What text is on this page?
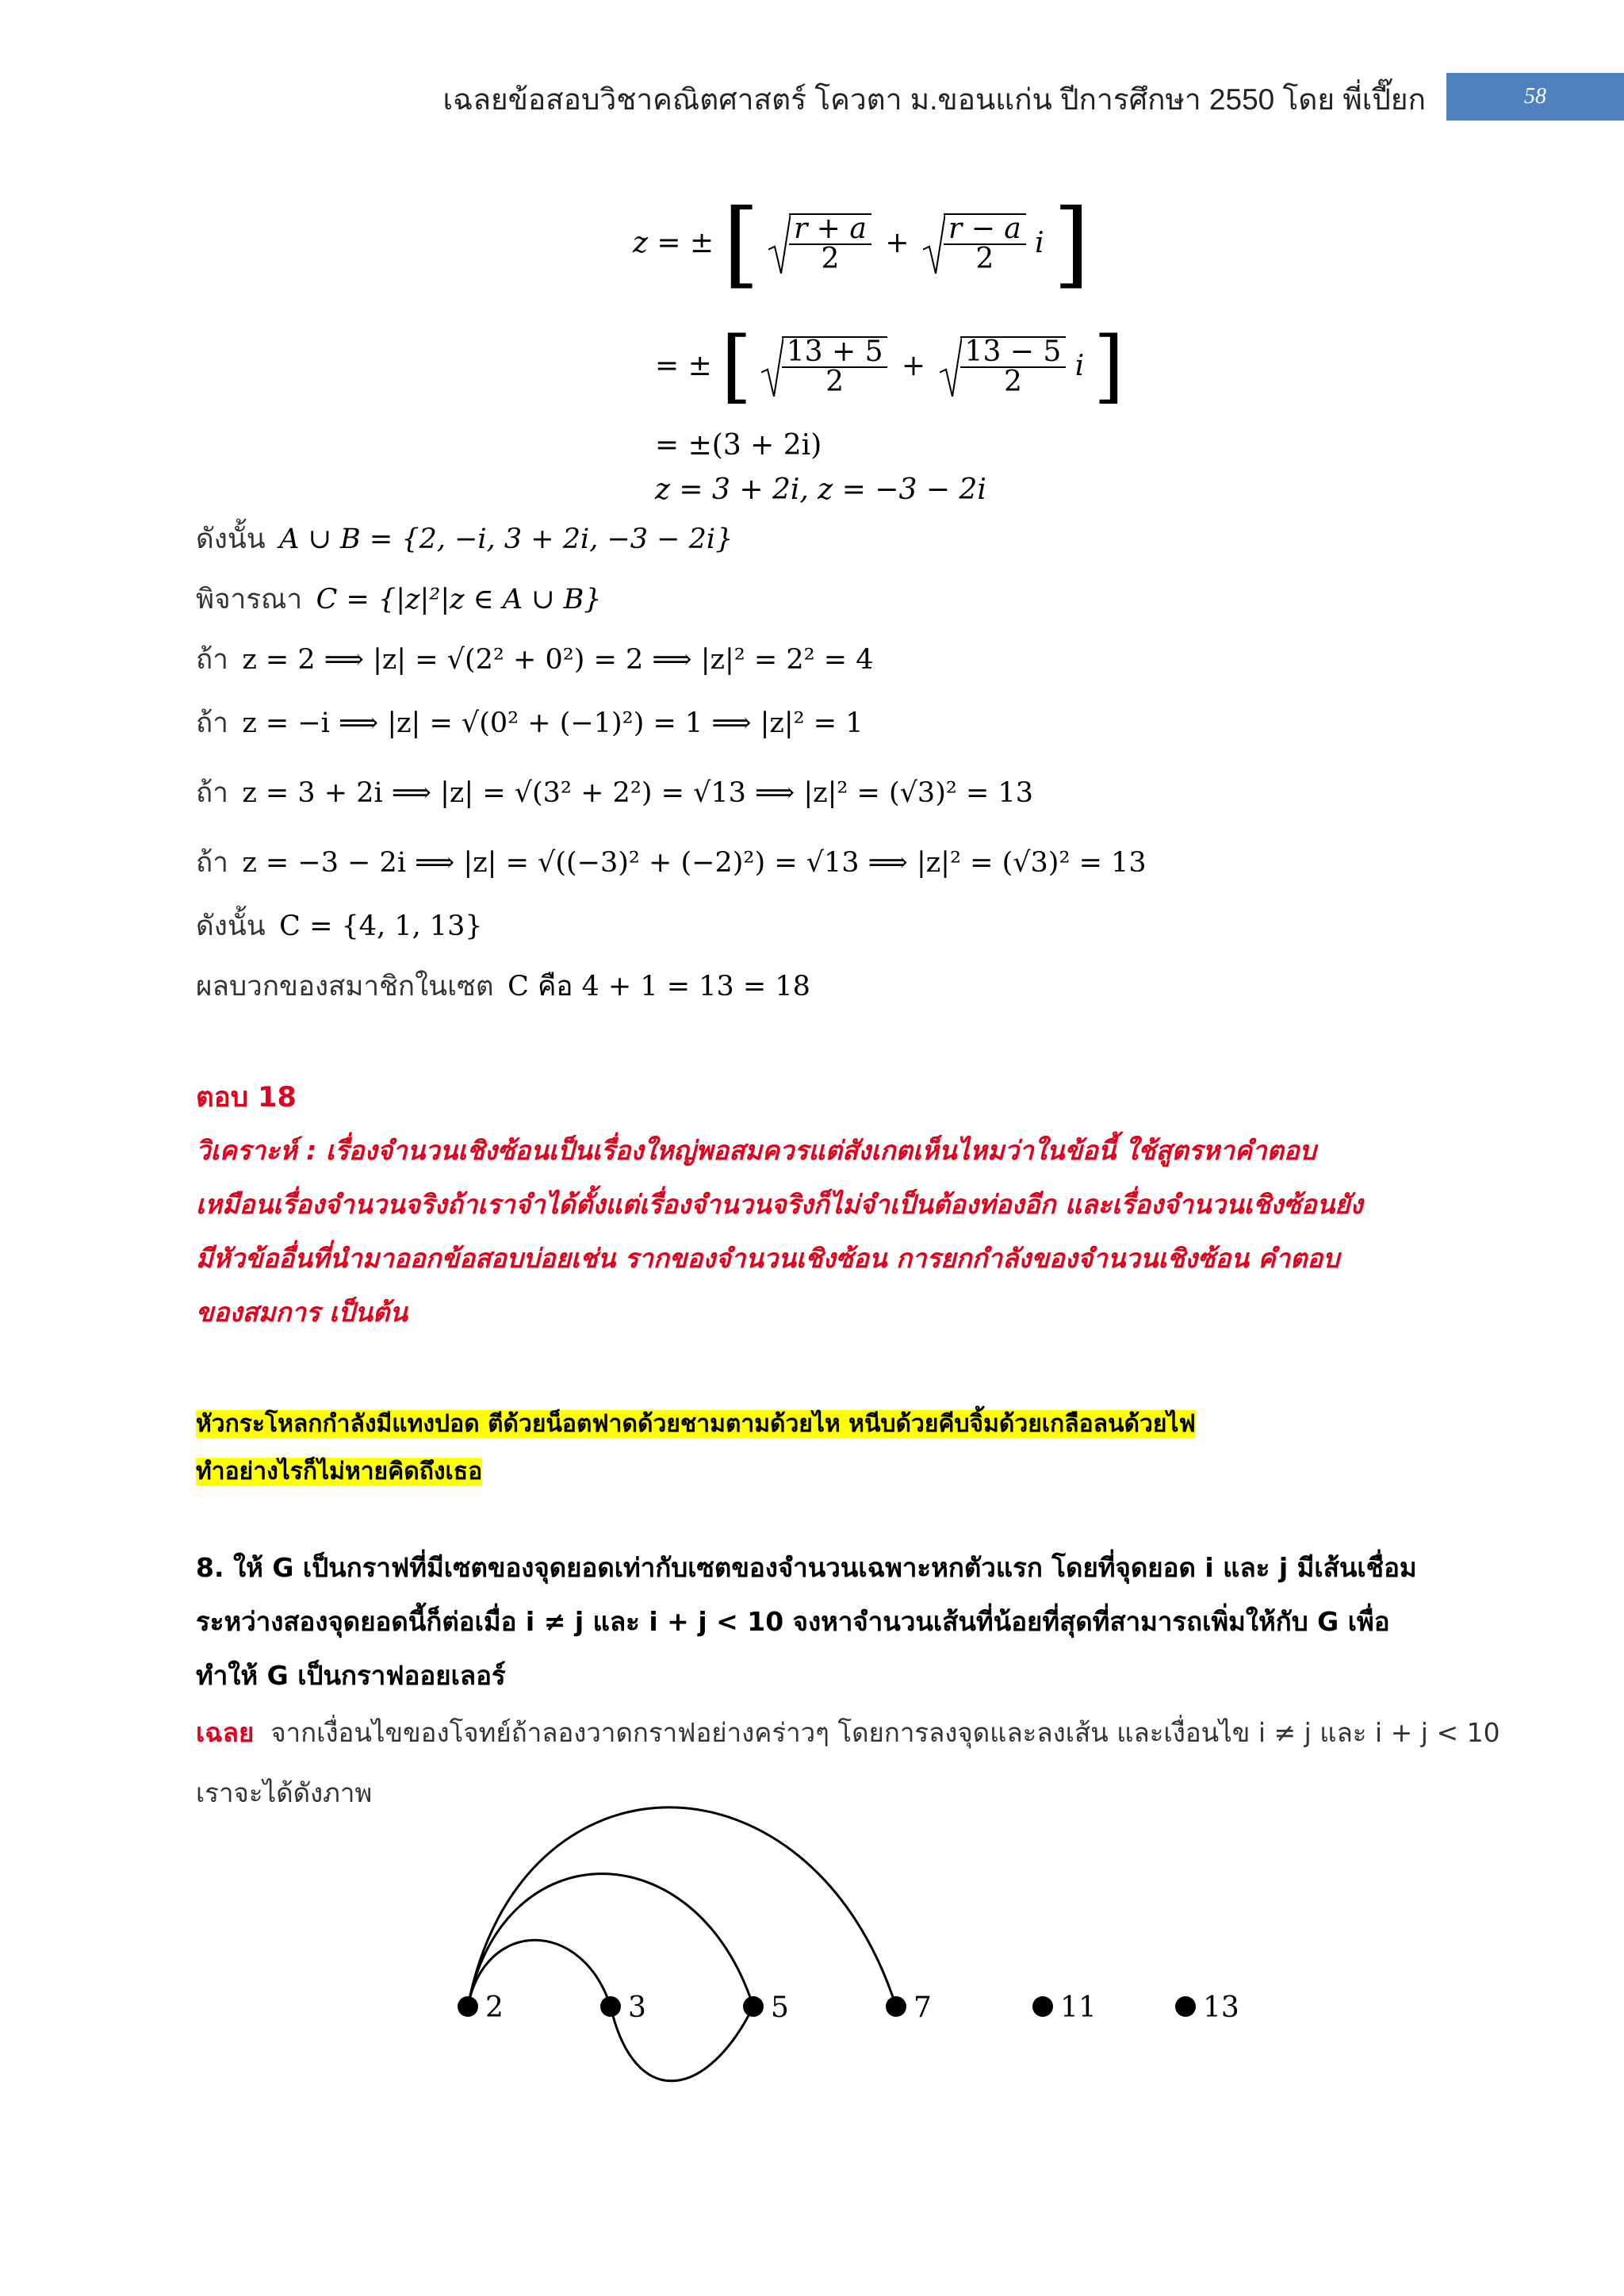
เฉลยข้อสอบวิชาคณิตศาสตร์ โควตา ม.ขอนแก่น ปีการศึกษา 2550 โดย พี่เปี๊ยก	58
z = ± [ $\frac{r + a}{2} + \frac{r - a}{2}$ i ]
= ± [ $\frac{13 + 5}{2} + \frac{13 - 5}{2}$ i ]
= ±(3 + 2i)
z = 3 + 2i, z = −3 − 2i
ดังนั้น A ∪ B = {2, −i, 3 + 2i, −3 − 2i}
พิจารณา C = {|z|²|z ∈ A ∪ B}
ถ้า z = 2 ⟹ |z| = √(2² + 0²) = 2 ⟹ |z|² = 2² = 4
ถ้า z = −i ⟹ |z| = √(0² + (−1)²) = 1 ⟹ |z|² = 1
ถ้า z = 3 + 2i ⟹ |z| = √(3² + 2²) = √13 ⟹ |z|² = (√3)² = 13
ถ้า z = −3 − 2i ⟹ |z| = √((−3)² + (−2)²) = √13 ⟹ |z|² = (√3)² = 13
ดังนั้น C = {4, 1, 13}
ผลบวกของสมาชิกในเซต C คือ 4 + 1 = 13 = 18
ตอบ 18
วิเคราะห์ : เรื่องจำนวนเชิงซ้อนเป็นเรื่องใหญ่พอสมควรแต่สังเกตเห็นไหมว่าในข้อนี้ ใช้สูตรหาคำตอบ
เหมือนเรื่องจำนวนจริงถ้าเราจำได้ตั้งแต่เรื่องจำนวนจริงก็ไม่จำเป็นต้องท่องอีก และเรื่องจำนวนเชิงซ้อนยัง
มีหัวข้ออื่นที่นำมาออกข้อสอบบ่อยเช่น รากของจำนวนเชิงซ้อน การยกกำลังของจำนวนเชิงซ้อน คำตอบ
ของสมการ เป็นต้น
หัวกระโหลกกำลังมีแทงปอด ตีด้วยน็อตฟาดด้วยชามตามด้วยไห หนีบด้วยคีบจิ้มด้วยเกลือลนด้วยไฟ
ทำอย่างไรก็ไม่หายคิดถึงเธอ
8. ให้ G เป็นกราฟที่มีเซตของจุดยอดเท่ากับเซตของจำนวนเฉพาะหกตัวแรก โดยที่จุดยอด i และ j มีเส้นเชื่อม
ระหว่างสองจุดยอดนี้ก็ต่อเมื่อ i ≠ j และ i + j < 10 จงหาจำนวนเส้นที่น้อยที่สุดที่สามารถเพิ่มให้กับ G เพื่อ
ทำให้ G เป็นกราฟออยเลอร์
เฉลย จากเงื่อนไขของโจทย์ถ้าลองวาดกราฟอย่างคร่าวๆ โดยการลงจุดและลงเส้น และเงื่อนไข i ≠ j และ i + j < 10
เราจะได้ดังภาพ
2	3	5	7	11	13
